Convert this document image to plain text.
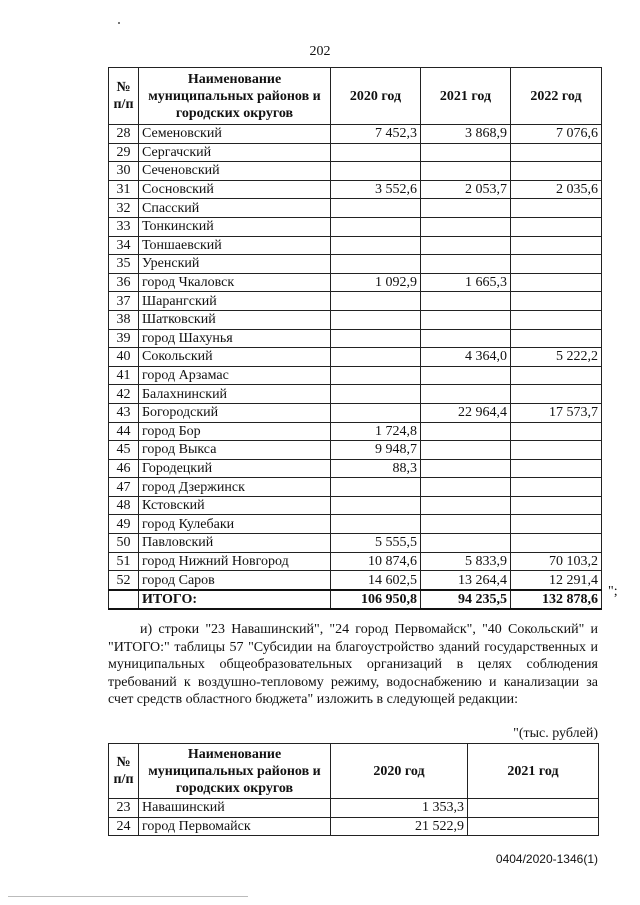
202
№ п/п	Наименование муниципальных районов и городских округов	2020 год	2021 год	2022 год
28	Семеновский	7 452,3	3 868,9	7 076,6
29	Сергачский			
30	Сеченовский			
31	Сосновский	3 552,6	2 053,7	2 035,6
32	Спасский			
33	Тонкинский			
34	Тоншаевский			
35	Уренский			
36	город Чкаловск	1 092,9	1 665,3	
37	Шарангский			
38	Шатковский			
39	город Шахунья			
40	Сокольский		4 364,0	5 222,2
41	город Арзамас			
42	Балахнинский			
43	Богородский		22 964,4	17 573,7
44	город Бор	1 724,8		
45	город Выкса	9 948,7		
46	Городецкий	88,3		
47	город Дзержинск			
48	Кстовский			
49	город Кулебаки			
50	Павловский	5 555,5		
51	город Нижний Новгород	10 874,6	5 833,9	70 103,2
52	город Саров	14 602,5	13 264,4	12 291,4
	ИТОГО:	106 950,8	94 235,5	132 878,6
";
и) строки "23 Навашинский", "24 город Первомайск", "40 Сокольский" и "ИТОГО:" таблицы 57 "Субсидии на благоустройство зданий государственных и муниципальных общеобразовательных организаций в целях соблюдения требований к воздушно-тепловому режиму, водоснабжению и канализации за счет средств областного бюджета" изложить в следующей редакции:
"(тыс. рублей)
№ п/п	Наименование муниципальных районов и городских округов	2020 год	2021 год
23	Навашинский	1 353,3	
24	город Первомайск	21 522,9	
0404/2020-1346(1)
